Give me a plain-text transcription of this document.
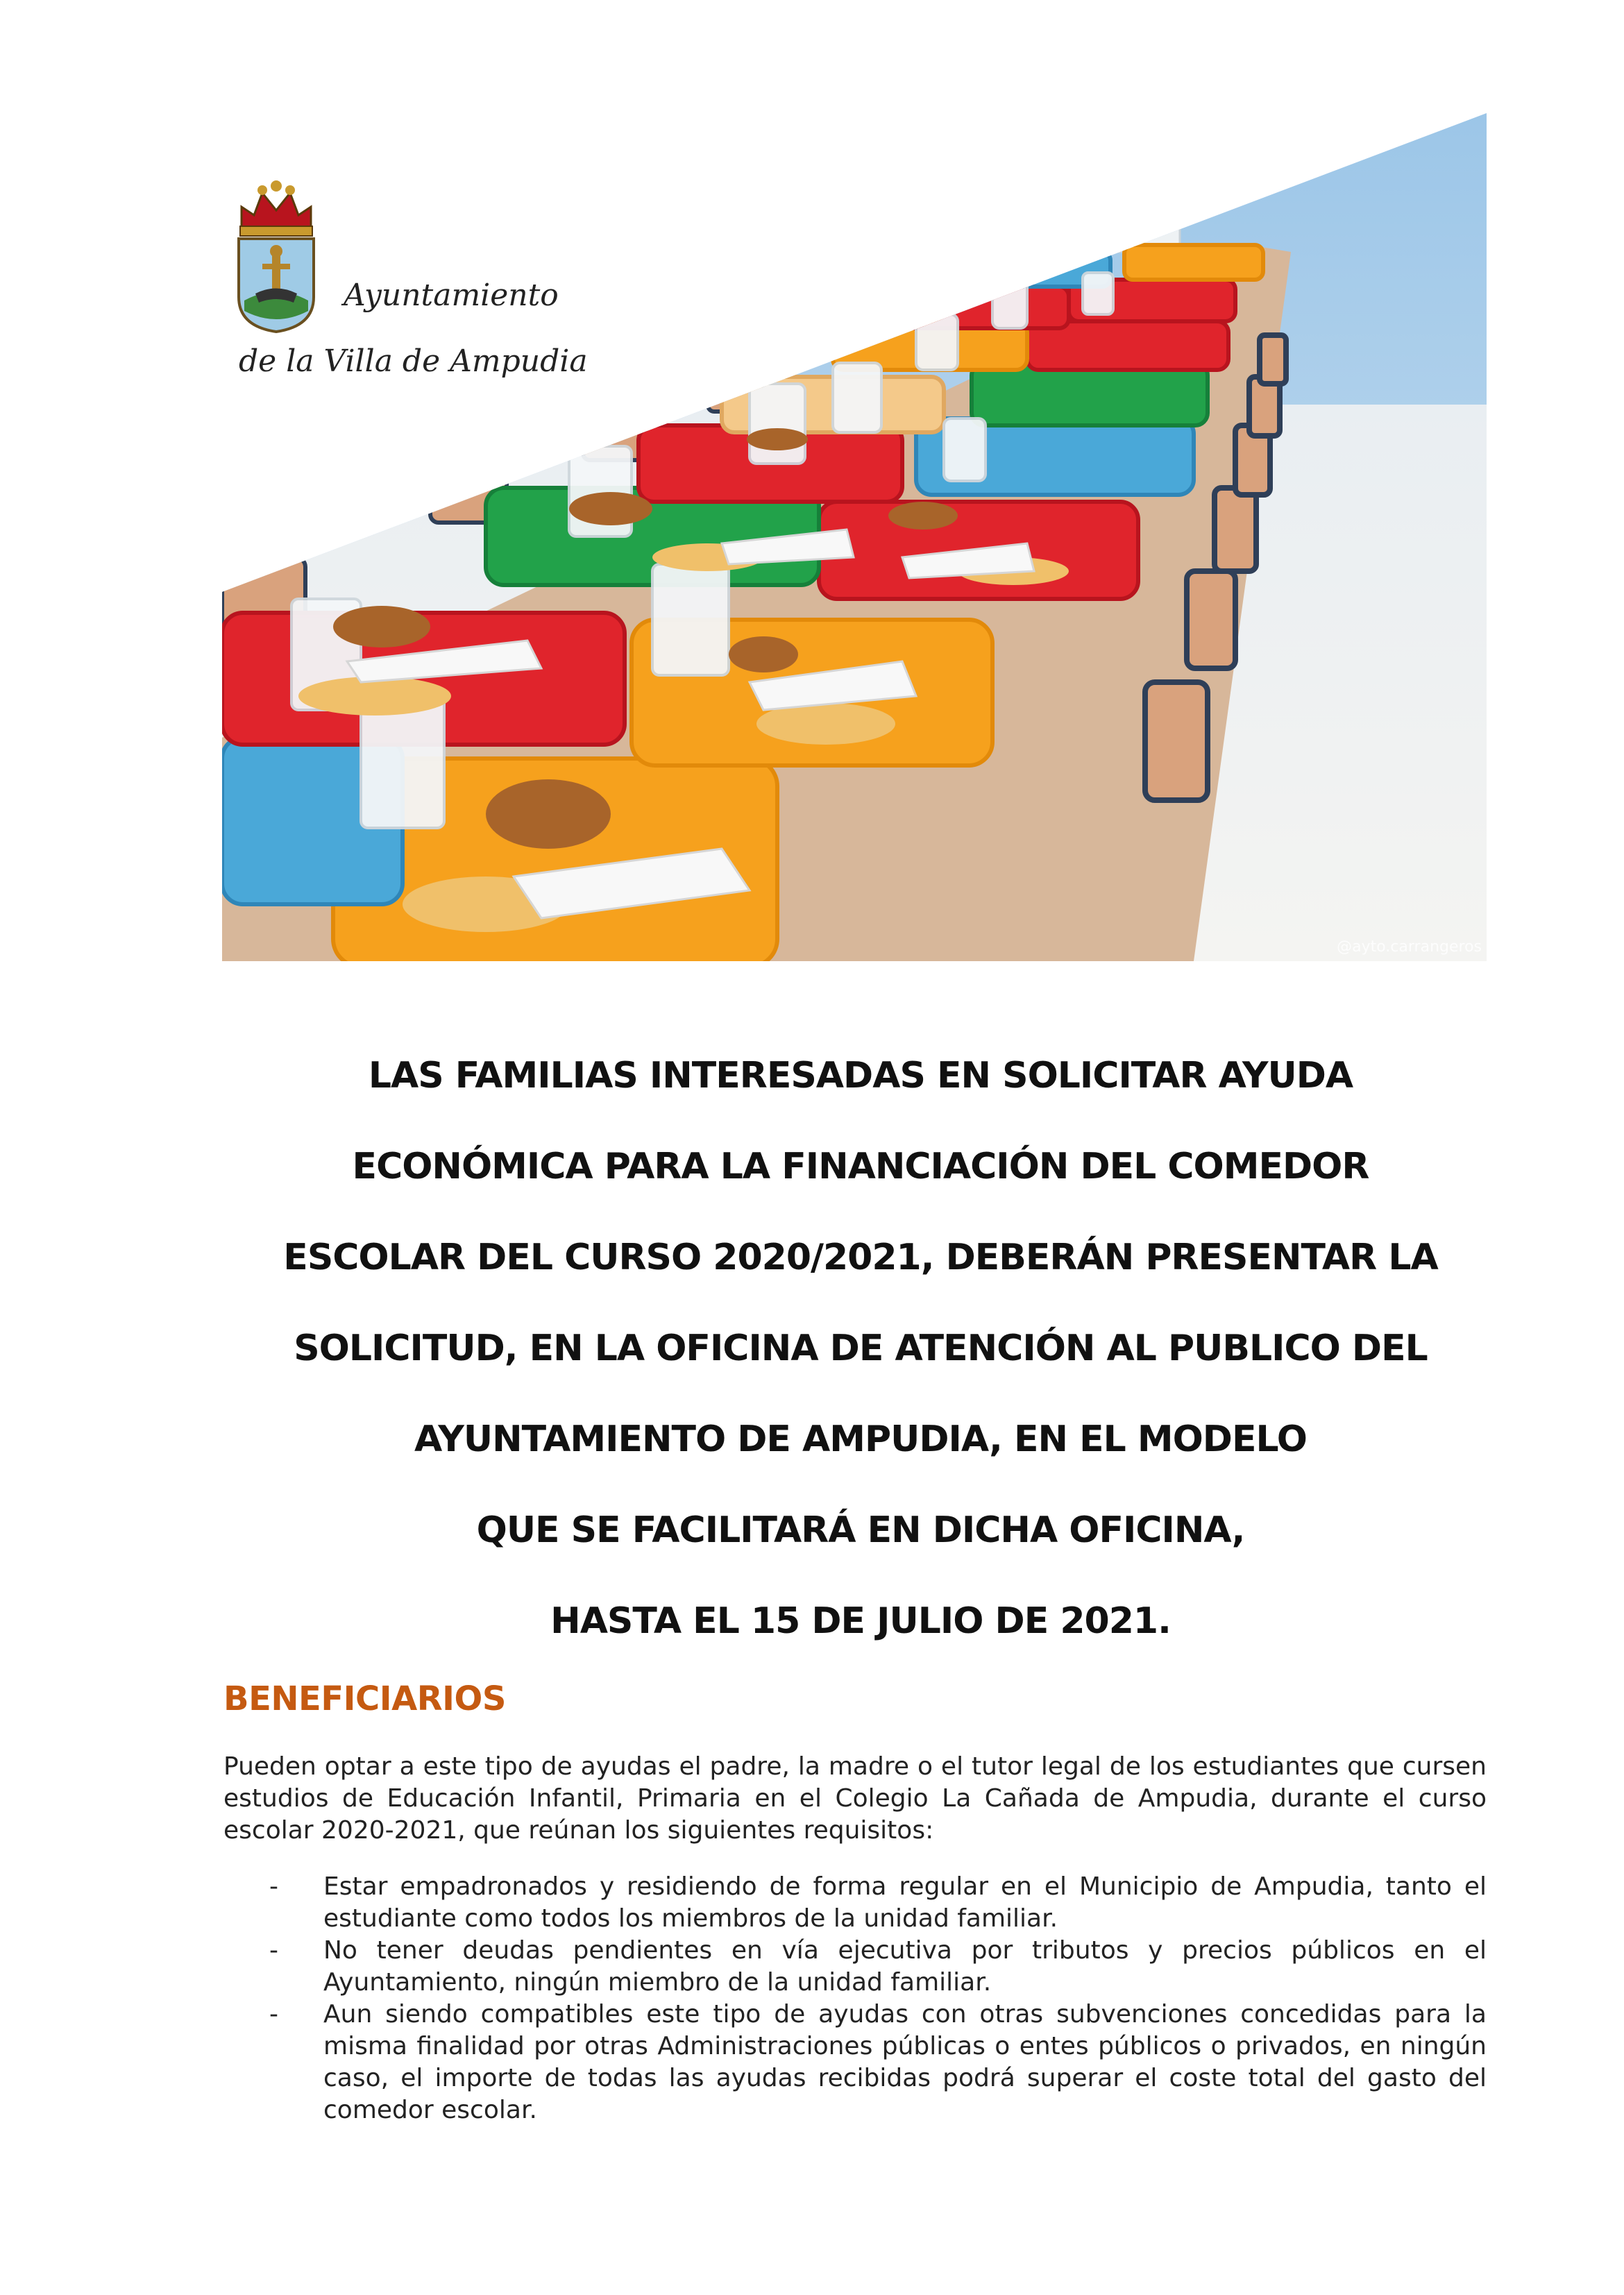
Ayuntamiento
de la Villa de Ampudia
@ayto.carrangeros
LAS FAMILIAS INTERESADAS EN SOLICITAR AYUDA
ECONÓMICA PARA LA FINANCIACIÓN DEL COMEDOR
ESCOLAR DEL CURSO 2020/2021, DEBERÁN PRESENTAR LA
SOLICITUD, EN LA OFICINA DE ATENCIÓN AL PUBLICO DEL
AYUNTAMIENTO DE AMPUDIA, EN EL MODELO
QUE SE FACILITARÁ EN DICHA OFICINA,
HASTA EL 15 DE JULIO DE 2021.
BENEFICIARIOS

Pueden optar a este tipo de ayudas el padre, la madre o el tutor legal de los estudiantes que cursen estudios de Educación Infantil, Primaria en el Colegio La Cañada de Ampudia, durante el curso escolar 2020-2021, que reúnan los siguientes requisitos:

- Estar empadronados y residiendo de forma regular en el Municipio de Ampudia, tanto el estudiante como todos los miembros de la unidad familiar.
- No tener deudas pendientes en vía ejecutiva por tributos y precios públicos en el Ayuntamiento, ningún miembro de la unidad familiar.
- Aun siendo compatibles este tipo de ayudas con otras subvenciones concedidas para la misma finalidad por otras Administraciones públicas o entes públicos o privados, en ningún caso, el importe de todas las ayudas recibidas podrá superar el coste total del gasto del comedor escolar.
